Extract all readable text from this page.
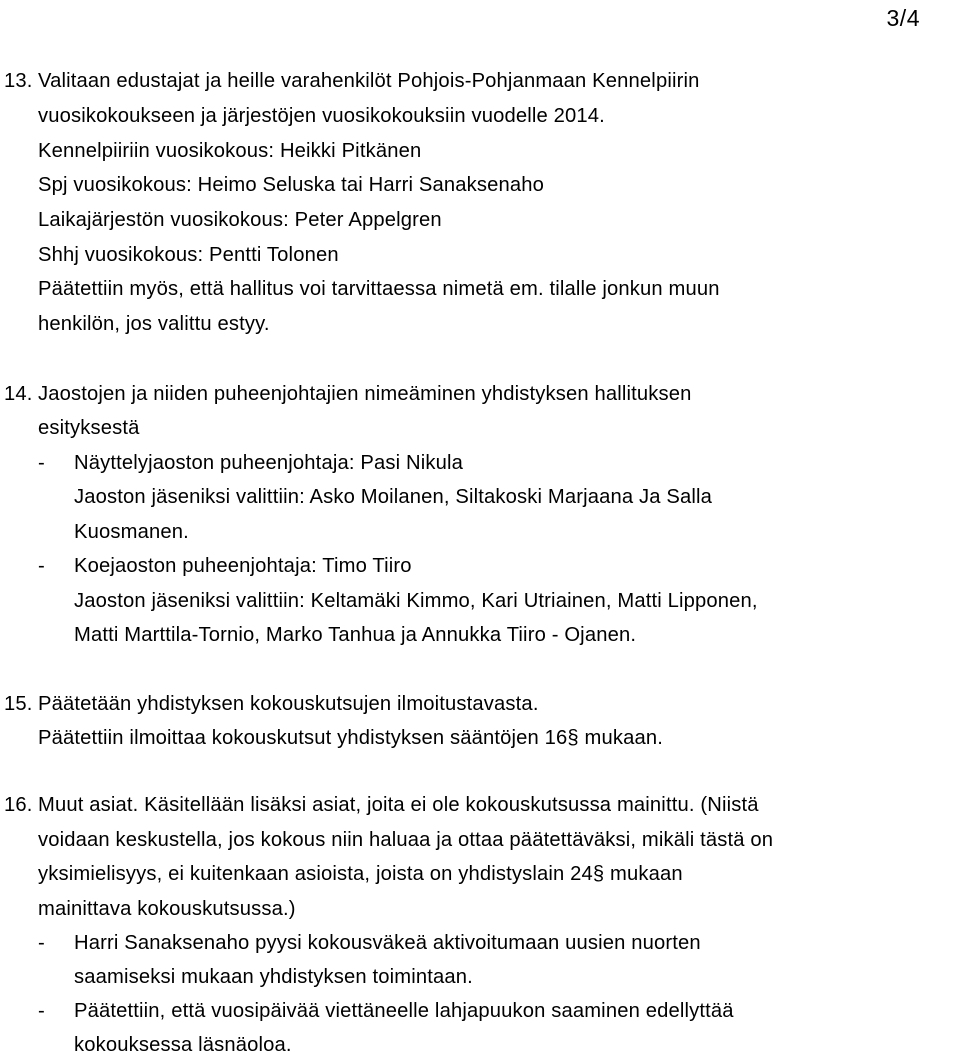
3/4
13. Valitaan edustajat ja heille varahenkilöt Pohjois-Pohjanmaan Kennelpiirin
vuosikokoukseen ja järjestöjen vuosikokouksiin vuodelle 2014.
Kennelpiiriin vuosikokous: Heikki Pitkänen
Spj vuosikokous: Heimo Seluska tai Harri Sanaksenaho
Laikajärjestön vuosikokous: Peter Appelgren
Shhj vuosikokous: Pentti Tolonen
Päätettiin myös, että hallitus voi tarvittaessa nimetä em. tilalle jonkun muun
henkilön, jos valittu estyy.
14. Jaostojen ja niiden puheenjohtajien nimeäminen yhdistyksen hallituksen
esityksestä
- Näyttelyjaoston puheenjohtaja: Pasi Nikula
Jaoston jäseniksi valittiin: Asko Moilanen, Siltakoski Marjaana Ja Salla
Kuosmanen.
- Koejaoston puheenjohtaja: Timo Tiiro
Jaoston jäseniksi valittiin: Keltamäki Kimmo, Kari Utriainen, Matti Lipponen,
Matti Marttila-Tornio, Marko Tanhua ja Annukka Tiiro - Ojanen.
15. Päätetään yhdistyksen kokouskutsujen ilmoitustavasta.
Päätettiin ilmoittaa kokouskutsut yhdistyksen sääntöjen 16§ mukaan.
16. Muut asiat. Käsitellään lisäksi asiat, joita ei ole kokouskutsussa mainittu. (Niistä
voidaan keskustella, jos kokous niin haluaa ja ottaa päätettäväksi, mikäli tästä on
yksimielisyys, ei kuitenkaan asioista, joista on yhdistyslain 24§ mukaan
mainittava kokouskutsussa.)
- Harri Sanaksenaho pyysi kokousväkeä aktivoitumaan uusien nuorten
saamiseksi mukaan yhdistyksen toimintaan.
- Päätettiin, että vuosipäivää viettäneelle lahjapuukon saaminen edellyttää
kokouksessa läsnäoloa.
